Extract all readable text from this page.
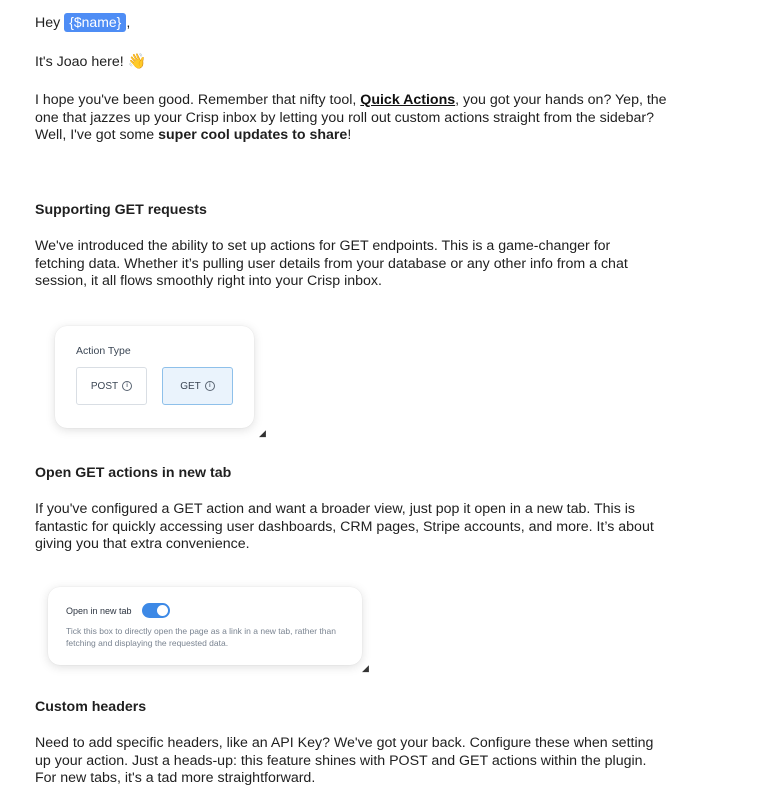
Hey {$name} ,

It's Joao here! 👋

I hope you've been good. Remember that nifty tool, Quick Actions, you got your hands on? Yep, the one that jazzes up your Crisp inbox by letting you roll out custom actions straight from the sidebar? Well, I've got some super cool updates to share!

Supporting GET requests

We've introduced the ability to set up actions for GET endpoints. This is a game-changer for fetching data. Whether it’s pulling user details from your database or any other info from a chat session, it all flows smoothly right into your Crisp inbox.

Action Type
POST	i	GET	i
◢
Open GET actions in new tab

If you've configured a GET action and want a broader view, just pop it open in a new tab. This is fantastic for quickly accessing user dashboards, CRM pages, Stripe accounts, and more. It’s about giving you that extra convenience.

Open in new tab
Tick this box to directly open the page as a link in a new tab, rather than fetching and displaying the requested data.
◢
Custom headers

Need to add specific headers, like an API Key? We've got your back. Configure these when setting up your action. Just a heads-up: this feature shines with POST and GET actions within the plugin. For new tabs, it's a tad more straightforward.
